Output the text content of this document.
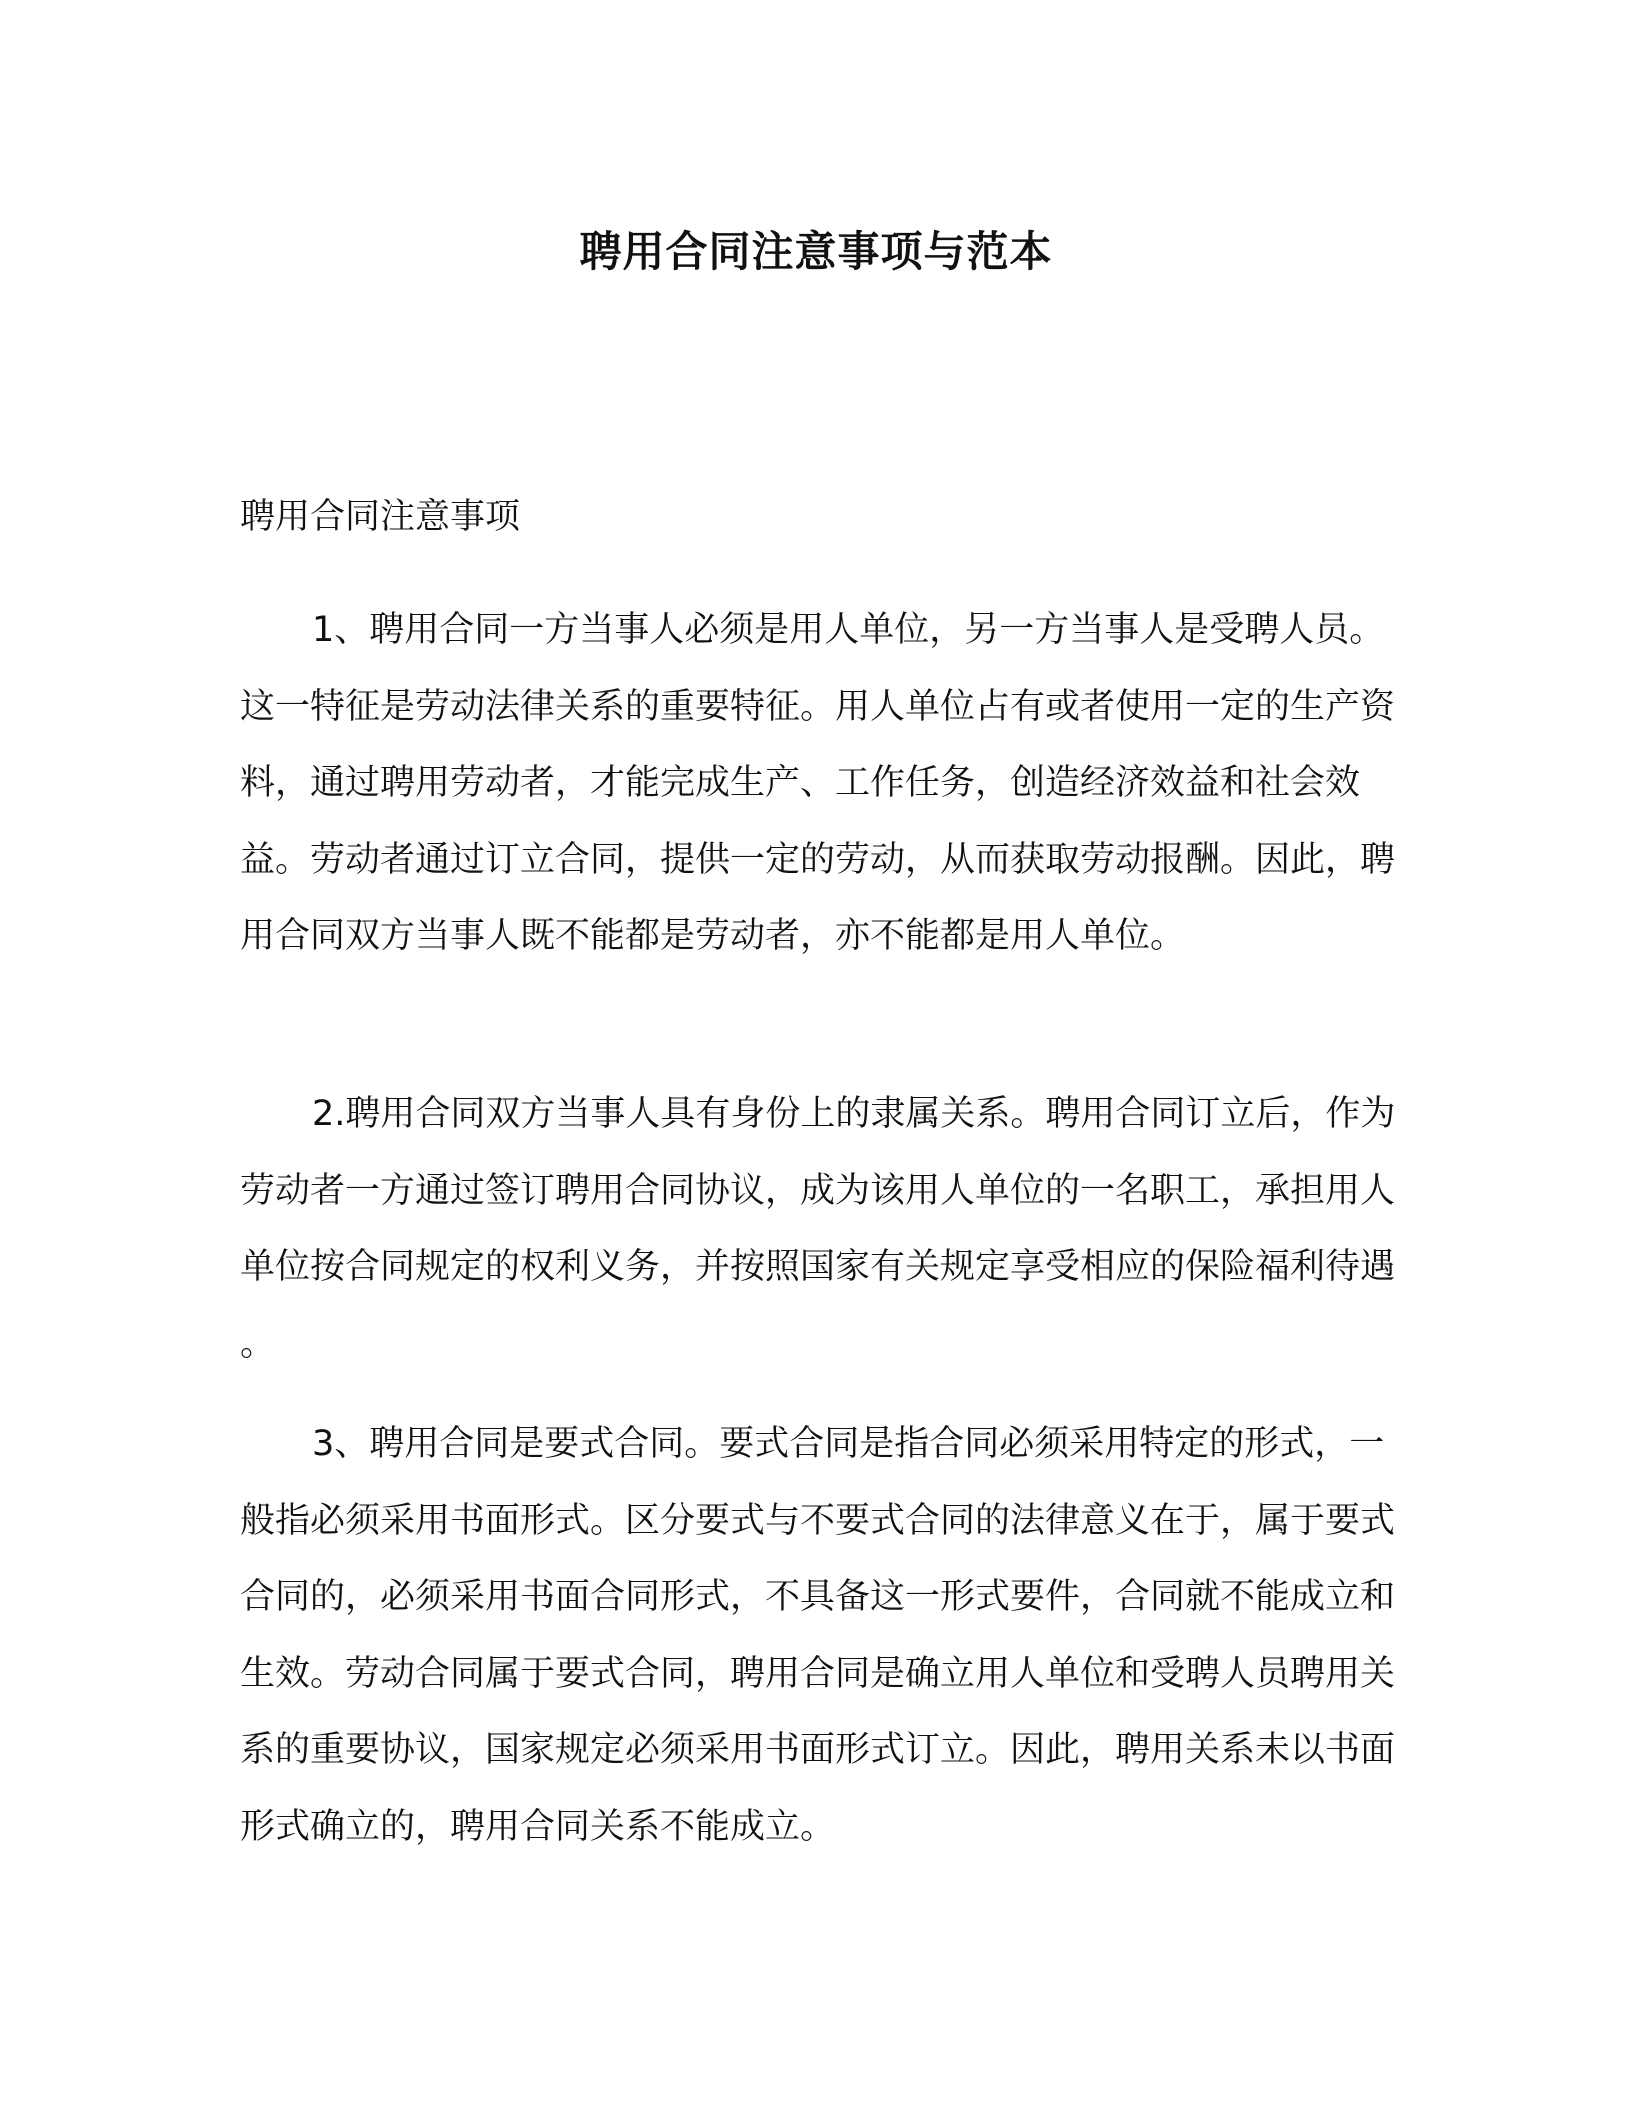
聘用合同注意事项与范本
聘用合同注意事项

1、聘用合同一方当事人必须是用人单位，另一方当事人是受聘人员。这一特征是劳动法律关系的重要特征。用人单位占有或者使用一定的生产资料，通过聘用劳动者，才能完成生产、工作任务，创造经济效益和社会效益。劳动者通过订立合同，提供一定的劳动，从而获取劳动报酬。因此，聘用合同双方当事人既不能都是劳动者，亦不能都是用人单位。

2.聘用合同双方当事人具有身份上的隶属关系。聘用合同订立后，作为劳动者一方通过签订聘用合同协议，成为该用人单位的一名职工，承担用人单位按合同规定的权利义务，并按照国家有关规定享受相应的保险福利待遇 。

3、聘用合同是要式合同。要式合同是指合同必须采用特定的形式，一般指必须采用书面形式。区分要式与不要式合同的法律意义在于，属于要式合同的，必须采用书面合同形式，不具备这一形式要件，合同就不能成立和生效。劳动合同属于要式合同，聘用合同是确立用人单位和受聘人员聘用关系的重要协议，国家规定必须采用书面形式订立。因此，聘用关系未以书面形式确立的，聘用合同关系不能成立。
